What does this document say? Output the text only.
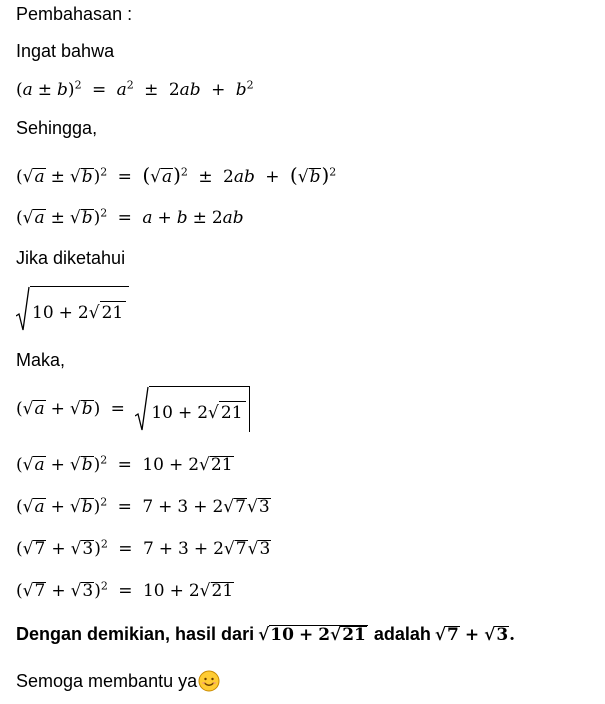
Pembahasan :
Ingat bahwa
$(a \pm b)^2 = a^2 \pm 2ab + b^2$
Sehingga,
$(√a \pm √b)^2 = (√a)^2 \pm 2ab + (√b)^2$
$(√a \pm √b)^2 = a + b \pm 2ab$
Jika diketahui
10 + 2√ 21
Maka,
(√a + √b) = 10 + 2√ 21
$(√a + √b)^2 = 10 + 2√21$
$(√a + √b)^2 = 7 + 3 + 2√7√3$
$(√7 + √3)^2 = 7 + 3 + 2√7√3$
$(√7 + √3)^2 = 10 + 2√21$
Dengan demikian, hasil dari √10 + 2√21 adalah √7 + √3.
Semoga membantu ya
